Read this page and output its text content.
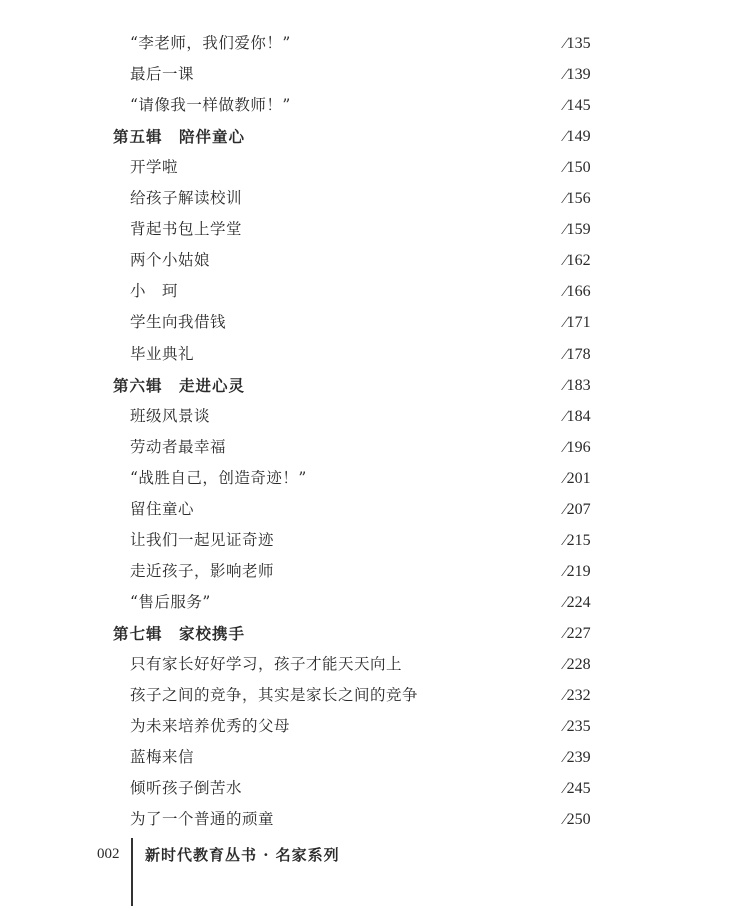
“李老师，我们爱你！”	∕135
最后一课	∕139
“请像我一样做教师！”	∕145
第五辑　陪伴童心	∕149
开学啦	∕150
给孩子解读校训	∕156
背起书包上学堂	∕159
两个小姑娘	∕162
小　珂	∕166
学生向我借钱	∕171
毕业典礼	∕178
第六辑　走进心灵	∕183
班级风景谈	∕184
劳动者最幸福	∕196
“战胜自己，创造奇迹！”	∕201
留住童心	∕207
让我们一起见证奇迹	∕215
走近孩子，影响老师	∕219
“售后服务”	∕224
第七辑　家校携手	∕227
只有家长好好学习，孩子才能天天向上	∕228
孩子之间的竞争，其实是家长之间的竞争	∕232
为未来培养优秀的父母	∕235
蓝梅来信	∕239
倾听孩子倒苦水	∕245
为了一个普通的顽童	∕250
002 新时代教育丛书 · 名家系列
